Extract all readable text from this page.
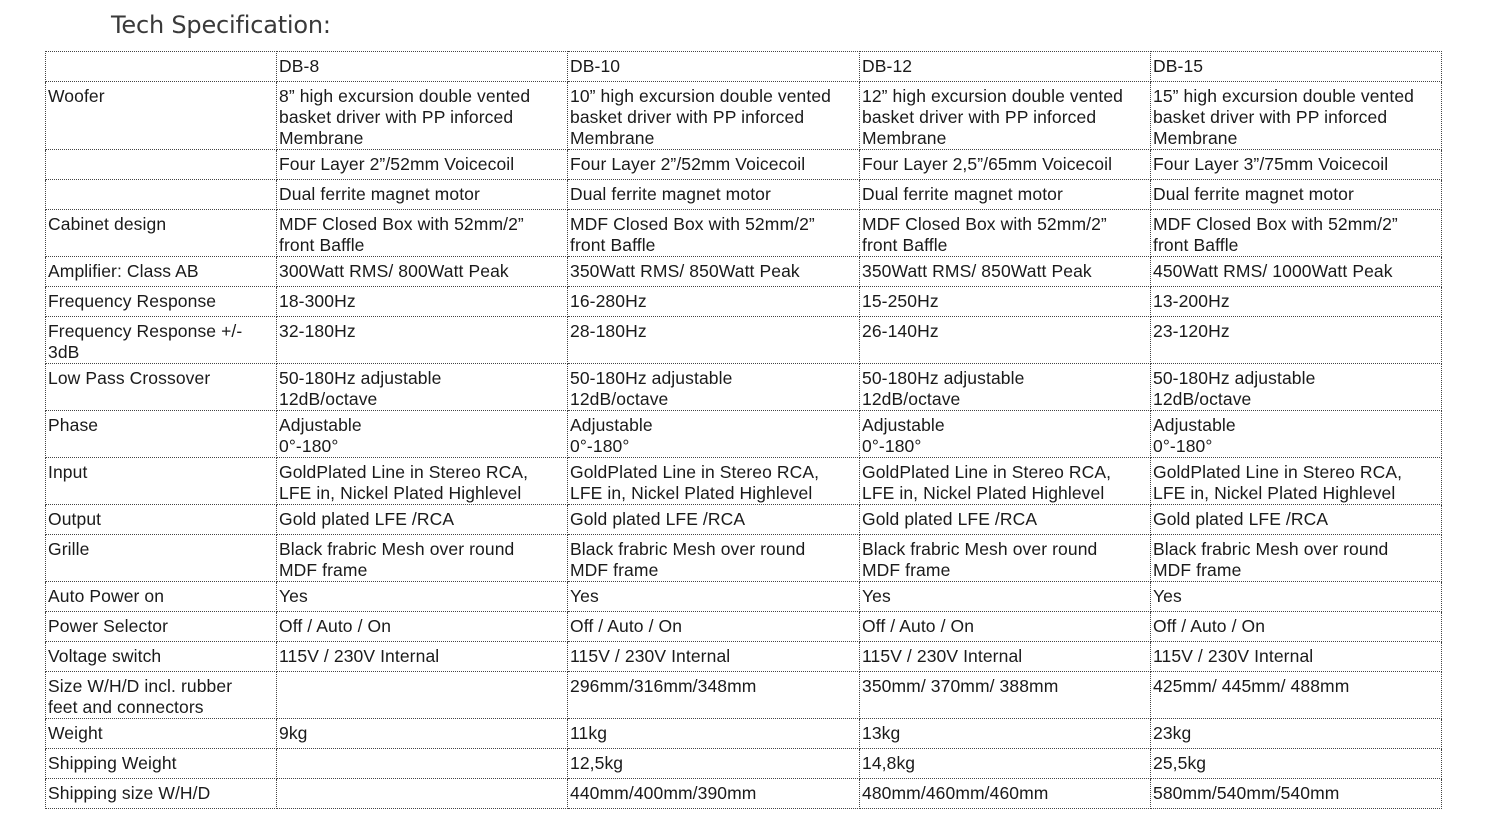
Tech Specification:

	DB-8	DB-10	DB-12	DB-15

Woofer	8” high excursion double vented
basket driver with PP inforced
Membrane	10” high excursion double vented
basket driver with PP inforced
Membrane	12” high excursion double vented
basket driver with PP inforced
Membrane	15” high excursion double vented
basket driver with PP inforced
Membrane

	Four Layer 2”/52mm Voicecoil	Four Layer 2”/52mm Voicecoil	Four Layer 2,5”/65mm Voicecoil	Four Layer 3”/75mm Voicecoil

	Dual ferrite magnet motor	Dual ferrite magnet motor	Dual ferrite magnet motor	Dual ferrite magnet motor

Cabinet design	MDF Closed Box with 52mm/2”
front Baffle	MDF Closed Box with 52mm/2”
front Baffle	MDF Closed Box with 52mm/2”
front Baffle	MDF Closed Box with 52mm/2”
front Baffle

Amplifier: Class AB	300Watt RMS/ 800Watt Peak	350Watt RMS/ 850Watt Peak	350Watt RMS/ 850Watt Peak	450Watt RMS/ 1000Watt Peak

Frequency Response	18-300Hz	16-280Hz	15-250Hz	13-200Hz

Frequency Response +/-
3dB	32-180Hz	28-180Hz	26-140Hz	23-120Hz

Low Pass Crossover	50-180Hz adjustable
12dB/octave	50-180Hz adjustable
12dB/octave	50-180Hz adjustable
12dB/octave	50-180Hz adjustable
12dB/octave

Phase	Adjustable
0°-180°	Adjustable
0°-180°	Adjustable
0°-180°	Adjustable
0°-180°

Input	GoldPlated Line in Stereo RCA,
LFE in, Nickel Plated Highlevel	GoldPlated Line in Stereo RCA,
LFE in, Nickel Plated Highlevel	GoldPlated Line in Stereo RCA,
LFE in, Nickel Plated Highlevel	GoldPlated Line in Stereo RCA,
LFE in, Nickel Plated Highlevel

Output	Gold plated LFE /RCA	Gold plated LFE /RCA	Gold plated LFE /RCA	Gold plated LFE /RCA

Grille	Black frabric Mesh over round
MDF frame	Black frabric Mesh over round
MDF frame	Black frabric Mesh over round
MDF frame	Black frabric Mesh over round
MDF frame

Auto Power on	Yes	Yes	Yes	Yes

Power Selector	Off / Auto / On	Off / Auto / On	Off / Auto / On	Off / Auto / On

Voltage switch	115V / 230V Internal	115V / 230V Internal	115V / 230V Internal	115V / 230V Internal

Size W/H/D incl. rubber
feet and connectors		296mm/316mm/348mm	350mm/ 370mm/ 388mm	425mm/ 445mm/ 488mm

Weight	9kg	11kg	13kg	23kg

Shipping Weight		12,5kg	14,8kg	25,5kg

Shipping size W/H/D		440mm/400mm/390mm	480mm/460mm/460mm	580mm/540mm/540mm
